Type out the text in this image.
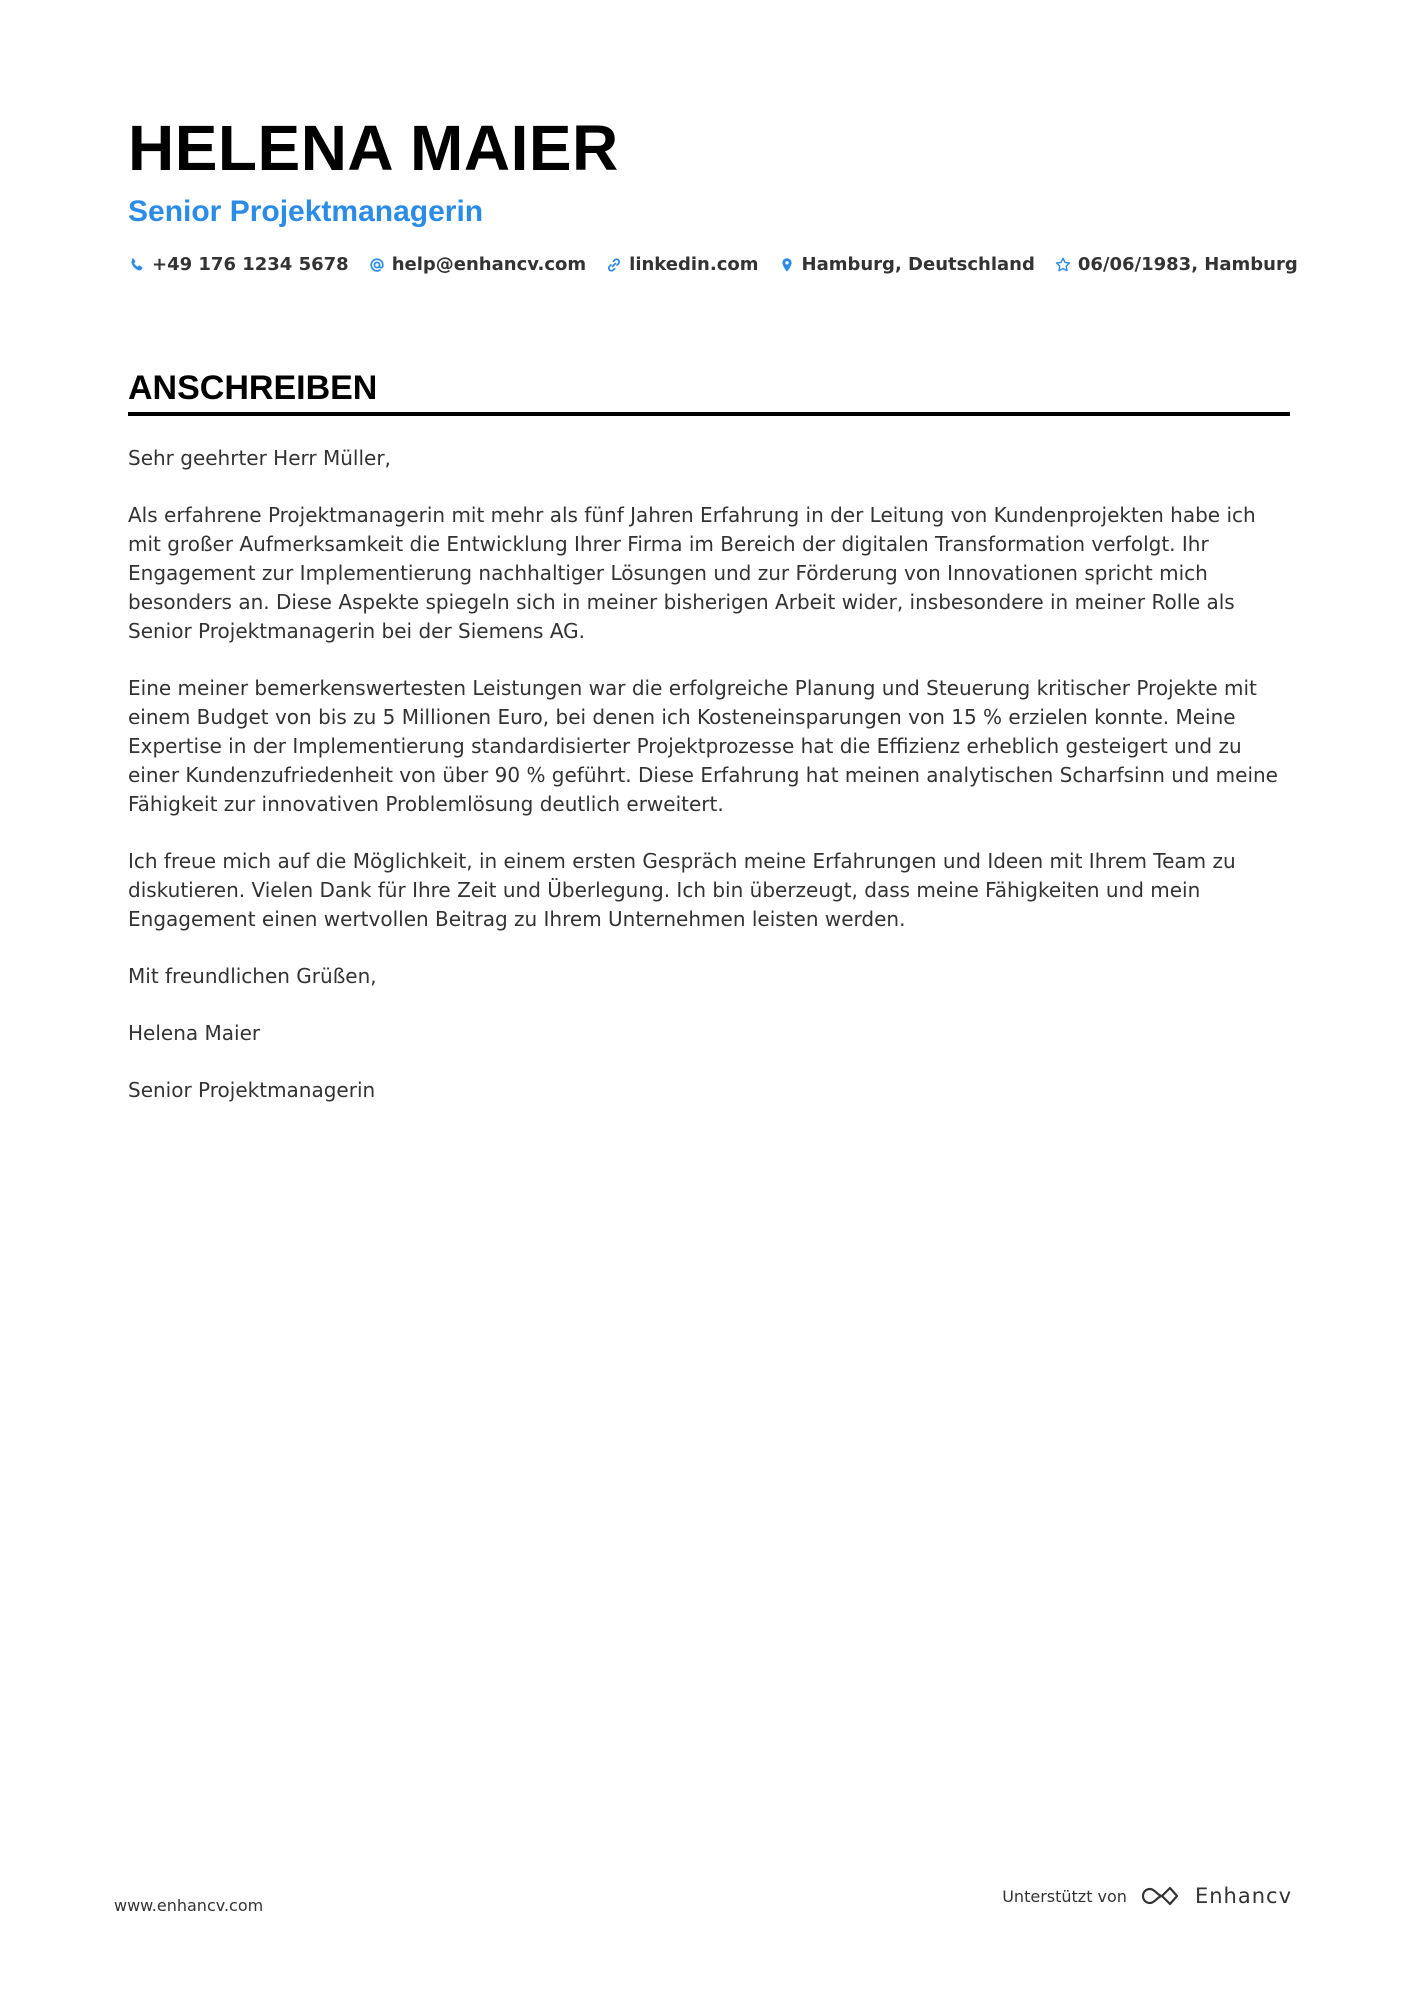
HELENA MAIER
Senior Projektmanagerin
+49 176 1234 5678 help@enhancv.com linkedin.com Hamburg, Deutschland 06/06/1983, Hamburg
ANSCHREIBEN

Sehr geehrter Herr Müller,

Als erfahrene Projektmanagerin mit mehr als fünf Jahren Erfahrung in der Leitung von Kundenprojekten habe ich mit großer Aufmerksamkeit die Entwicklung Ihrer Firma im Bereich der digitalen Transformation verfolgt. Ihr Engagement zur Implementierung nachhaltiger Lösungen und zur Förderung von Innovationen spricht mich besonders an. Diese Aspekte spiegeln sich in meiner bisherigen Arbeit wider, insbesondere in meiner Rolle als Senior Projektmanagerin bei der Siemens AG.

Eine meiner bemerkenswertesten Leistungen war die erfolgreiche Planung und Steuerung kritischer Projekte mit einem Budget von bis zu 5 Millionen Euro, bei denen ich Kosteneinsparungen von 15 % erzielen konnte. Meine Expertise in der Implementierung standardisierter Projektprozesse hat die Effizienz erheblich gesteigert und zu einer Kundenzufriedenheit von über 90 % geführt. Diese Erfahrung hat meinen analytischen Scharfsinn und meine Fähigkeit zur innovativen Problemlösung deutlich erweitert.

Ich freue mich auf die Möglichkeit, in einem ersten Gespräch meine Erfahrungen und Ideen mit Ihrem Team zu diskutieren. Vielen Dank für Ihre Zeit und Überlegung. Ich bin überzeugt, dass meine Fähigkeiten und mein Engagement einen wertvollen Beitrag zu Ihrem Unternehmen leisten werden.

Mit freundlichen Grüßen,

Helena Maier

Senior Projektmanagerin

www.enhancv.com	Unterstützt von	Enhancv
